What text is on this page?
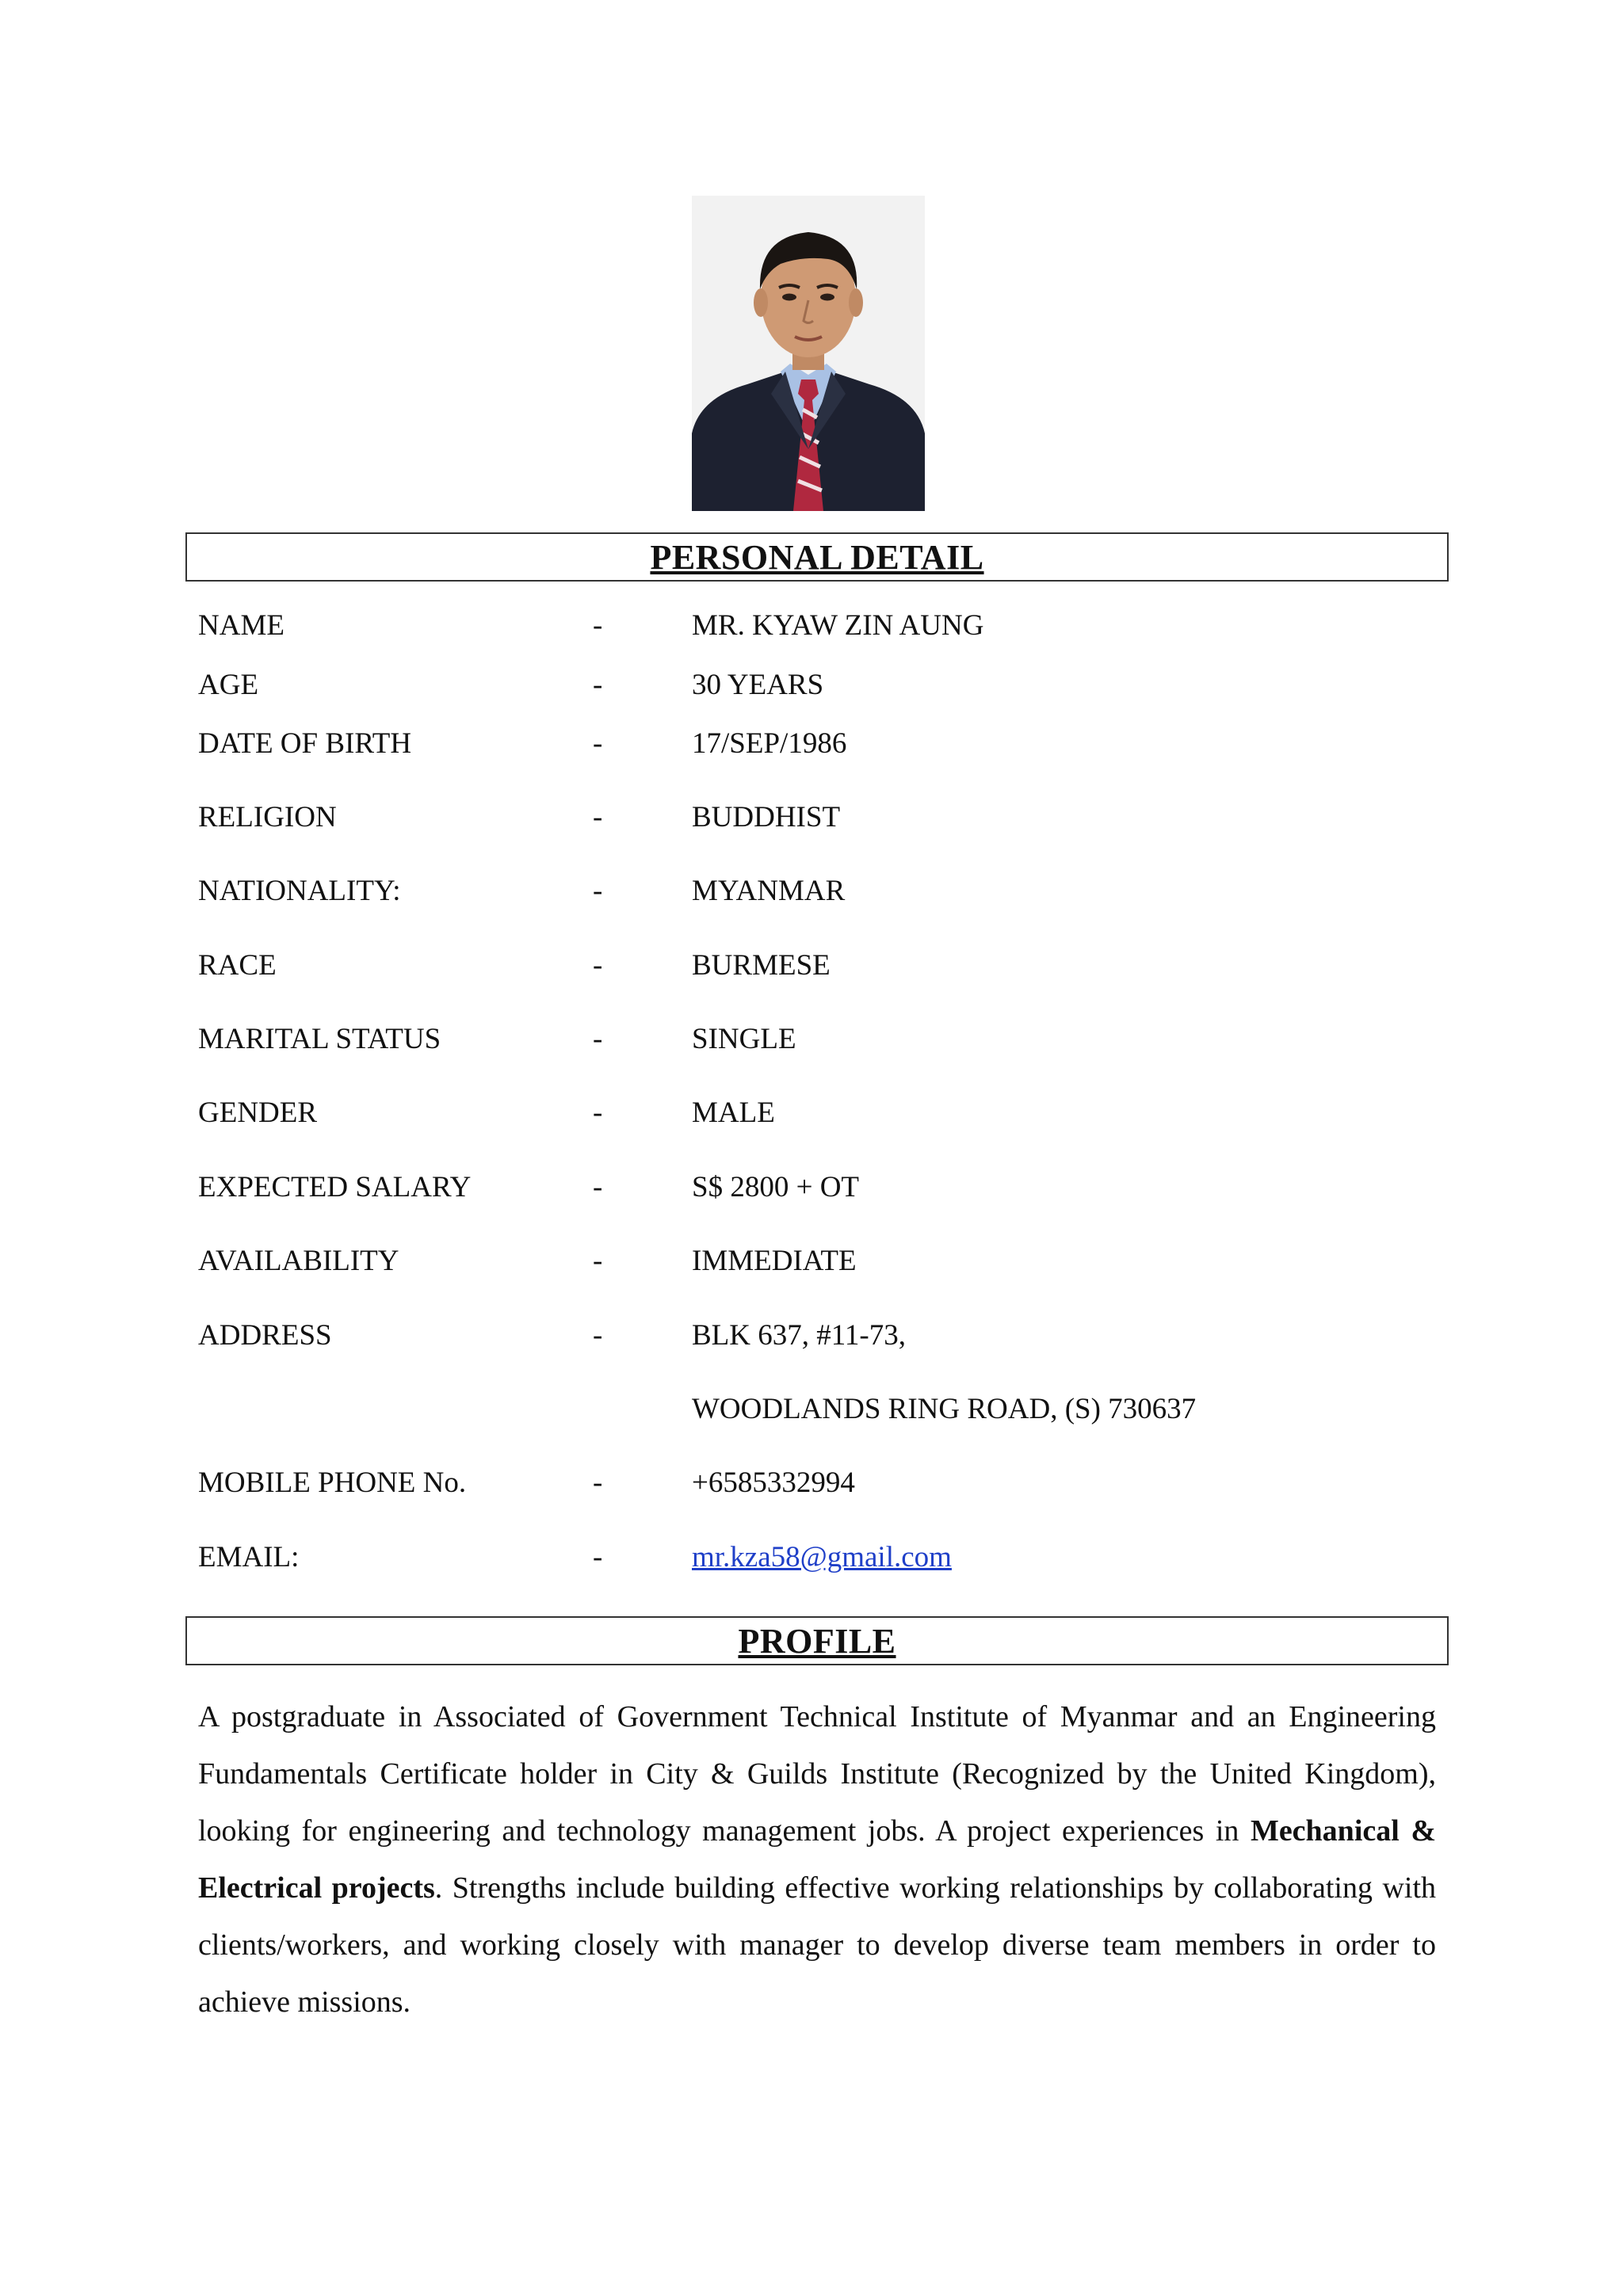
PERSONAL DETAIL
NAME	-	MR. KYAW ZIN AUNG
AGE	-	30 YEARS
DATE OF BIRTH	-	17/SEP/1986
RELIGION	-	BUDDHIST
NATIONALITY:	-	MYANMAR
RACE	-	BURMESE
MARITAL STATUS	-	SINGLE
GENDER	-	MALE
EXPECTED SALARY	-	S$ 2800 + OT
AVAILABILITY	-	IMMEDIATE
ADDRESS	-	BLK 637, #11-73,
WOODLANDS RING ROAD, (S) 730637
MOBILE PHONE No.	-	+6585332994
EMAIL:	-	mr.kza58@gmail.com
PROFILE

A postgraduate in Associated of Government Technical Institute of Myanmar and an Engineering Fundamentals Certificate holder in City & Guilds Institute (Recognized by the United Kingdom), looking for engineering and technology management jobs. A project experiences in Mechanical & Electrical projects. Strengths include building effective working relationships by collaborating with clients/workers, and working closely with manager to develop diverse team members in order to achieve missions.
